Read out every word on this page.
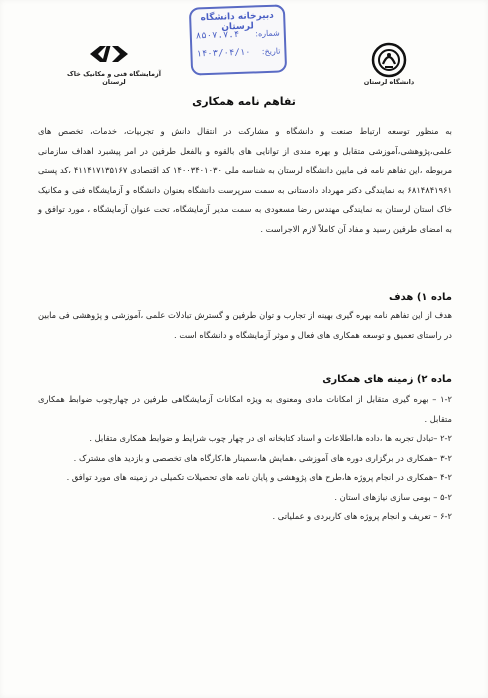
دبیرخانه دانشگاه لرستان
شماره:
۸۵۰۷.۷.۴
تاریخ:
۱۴۰۳/۰۴/۱۰
آزمایشگاه فنی و مکانیک خاک لرستان	دانشگاه لرستان
تفاهم نامه همکاری

به منظور توسعه ارتباط صنعت و دانشگاه و مشارکت در انتقال دانش و تجربیات، خدمات، تخصص های علمی،پژوهشی،آموزشی متقابل و بهره مندی از توانایی های بالقوه و بالفعل طرفین در امر پیشبرد اهداف سازمانی مربوطه ،این تفاهم نامه فی مابین دانشگاه لرستان به شناسه ملی ۱۴۰۰۳۴۰۱۰۳۰ کد اقتصادی ۴۱۱۴۱۷۱۳۵۱۶۷ ،کد پستی ۶۸۱۴۸۴۱۹۶۱ به نمایندگی دکتر مهرداد دادستانی به سمت سرپرست دانشگاه بعنوان دانشگاه و آزمایشگاه فنی و مکانیک خاک استان لرستان به نمایندگی مهندس رضا مسعودی به سمت مدیر آزمایشگاه، تحت عنوان آزمایشگاه ، مورد توافق و به امضای طرفین رسید و مفاد آن کاملاً لازم الاجراست .

ماده ۱) هدف

هدف از این تفاهم نامه بهره گیری بهینه از تجارب و توان طرفین و گسترش تبادلات علمی ،آموزشی و پژوهشی فی مابین در راستای تعمیق و توسعه همکاری های فعال و موثر آزمایشگاه و دانشگاه است .

ماده ۲) زمینه های همکاری

۱-۲ – بهره گیری متقابل از امکانات مادی ومعنوی به ویژه امکانات آزمایشگاهی طرفین در چهارچوب ضوابط همکاری متقابل .

۲-۲ –تبادل تجربه ها ،داده ها،اطلاعات و اسناد کتابخانه ای در چهار چوب شرایط و ضوابط همکاری متقابل .

۳-۲ –همکاری در برگزاری دوره های آموزشی ،همایش ها،سمینار ها،کارگاه های تخصصی و بازدید های مشترک .

۴-۲ –همکاری در انجام پروژه ها،طرح های پژوهشی و پایان نامه های تحصیلات تکمیلی در زمینه های مورد توافق .

۵-۲ – بومی سازی نیازهای استان .

۶-۲ – تعریف و انجام پروژه های کاربردی و عملیاتی .
